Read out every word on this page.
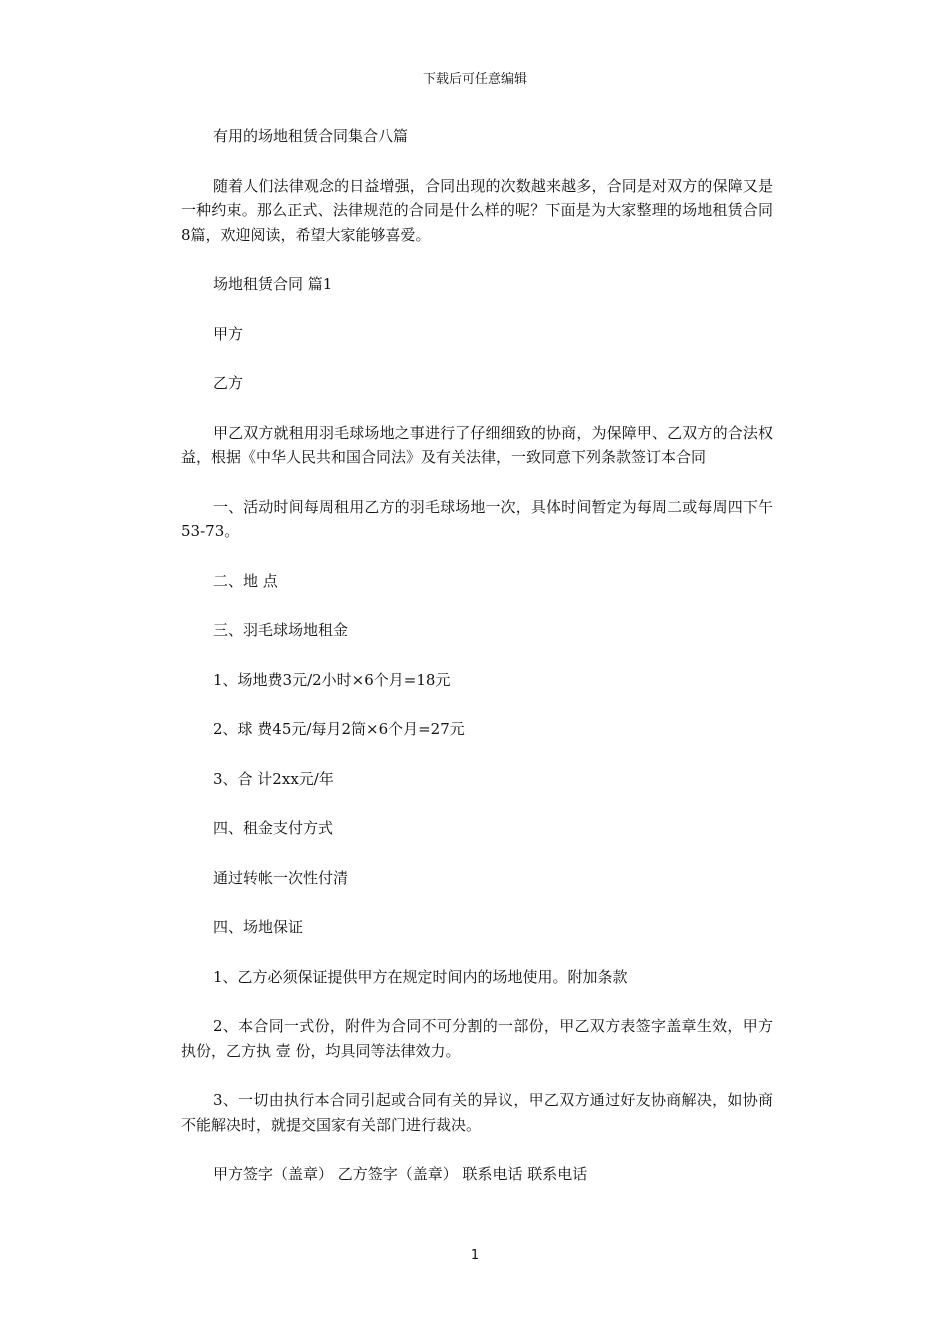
下载后可任意编辑

有用的场地租赁合同集合八篇

随着人们法律观念的日益增强，合同出现的次数越来越多，合同是对双方的保障又是一种约束。那么正式、法律规范的合同是什么样的呢？下面是为大家整理的场地租赁合同8篇，欢迎阅读，希望大家能够喜爱。

场地租赁合同 篇1

甲方

乙方

甲乙双方就租用羽毛球场地之事进行了仔细细致的协商，为保障甲、乙双方的合法权益，根据《中华人民共和国合同法》及有关法律，一致同意下列条款签订本合同

一、活动时间每周租用乙方的羽毛球场地一次，具体时间暂定为每周二或每周四下午53-73。

二、地 点

三、羽毛球场地租金

1、场地费3元/2小时×6个月=18元

2、球 费45元/每月2筒×6个月=27元

3、合 计2xx元/年

四、租金支付方式

通过转帐一次性付清

四、场地保证

1、乙方必须保证提供甲方在规定时间内的场地使用。附加条款

2、本合同一式份，附件为合同不可分割的一部份，甲乙双方表签字盖章生效，甲方执份，乙方执 壹 份，均具同等法律效力。

3、一切由执行本合同引起或合同有关的异议，甲乙双方通过好友协商解决，如协商不能解决时，就提交国家有关部门进行裁决。

甲方签字（盖章） 乙方签字（盖章） 联系电话 联系电话

1
